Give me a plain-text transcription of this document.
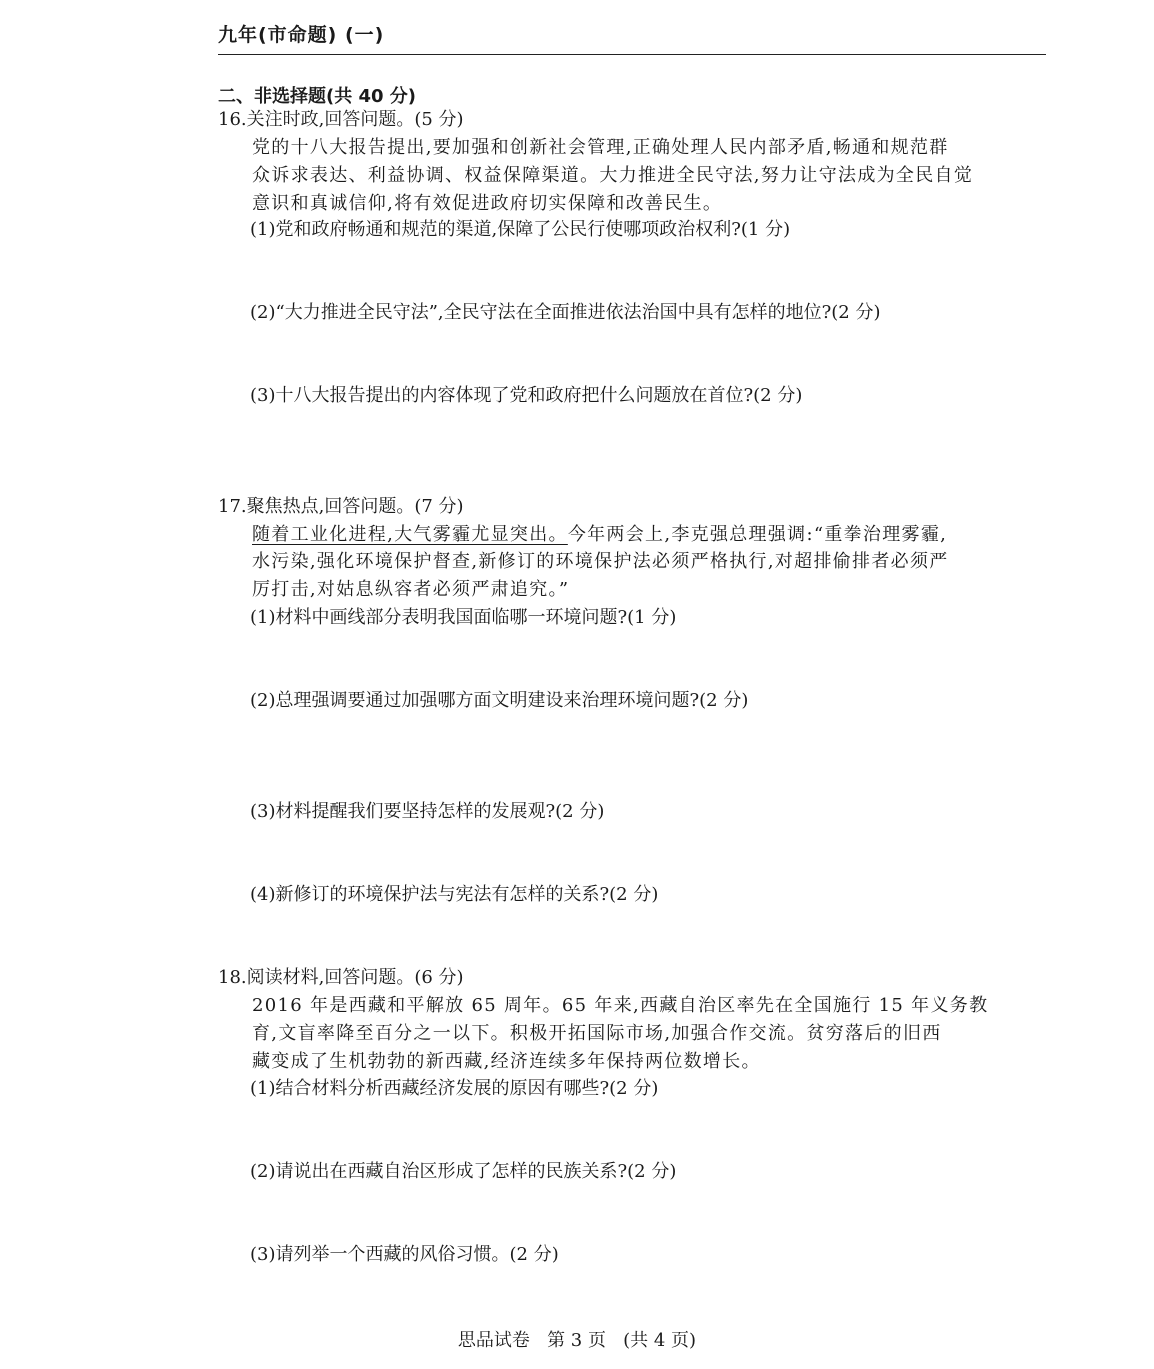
九年(市命题) (一)
二、非选择题(共 40 分)
16.关注时政,回答问题。(5 分)
党的十八大报告提出,要加强和创新社会管理,正确处理人民内部矛盾,畅通和规范群
众诉求表达、利益协调、权益保障渠道。大力推进全民守法,努力让守法成为全民自觉
意识和真诚信仰,将有效促进政府切实保障和改善民生。
(1)党和政府畅通和规范的渠道,保障了公民行使哪项政治权利?(1 分)
(2)“大力推进全民守法”,全民守法在全面推进依法治国中具有怎样的地位?(2 分)
(3)十八大报告提出的内容体现了党和政府把什么问题放在首位?(2 分)
17.聚焦热点,回答问题。(7 分)
随着工业化进程,大气雾霾尤显突出。今年两会上,李克强总理强调:“重拳治理雾霾,
水污染,强化环境保护督查,新修订的环境保护法必须严格执行,对超排偷排者必须严
厉打击,对姑息纵容者必须严肃追究。”
(1)材料中画线部分表明我国面临哪一环境问题?(1 分)
(2)总理强调要通过加强哪方面文明建设来治理环境问题?(2 分)
(3)材料提醒我们要坚持怎样的发展观?(2 分)
(4)新修订的环境保护法与宪法有怎样的关系?(2 分)
18.阅读材料,回答问题。(6 分)
2016 年是西藏和平解放 65 周年。65 年来,西藏自治区率先在全国施行 15 年义务教
育,文盲率降至百分之一以下。积极开拓国际市场,加强合作交流。贫穷落后的旧西
藏变成了生机勃勃的新西藏,经济连续多年保持两位数增长。
(1)结合材料分析西藏经济发展的原因有哪些?(2 分)
(2)请说出在西藏自治区形成了怎样的民族关系?(2 分)
(3)请列举一个西藏的风俗习惯。(2 分)
思品试卷   第 3 页   (共 4 页)
